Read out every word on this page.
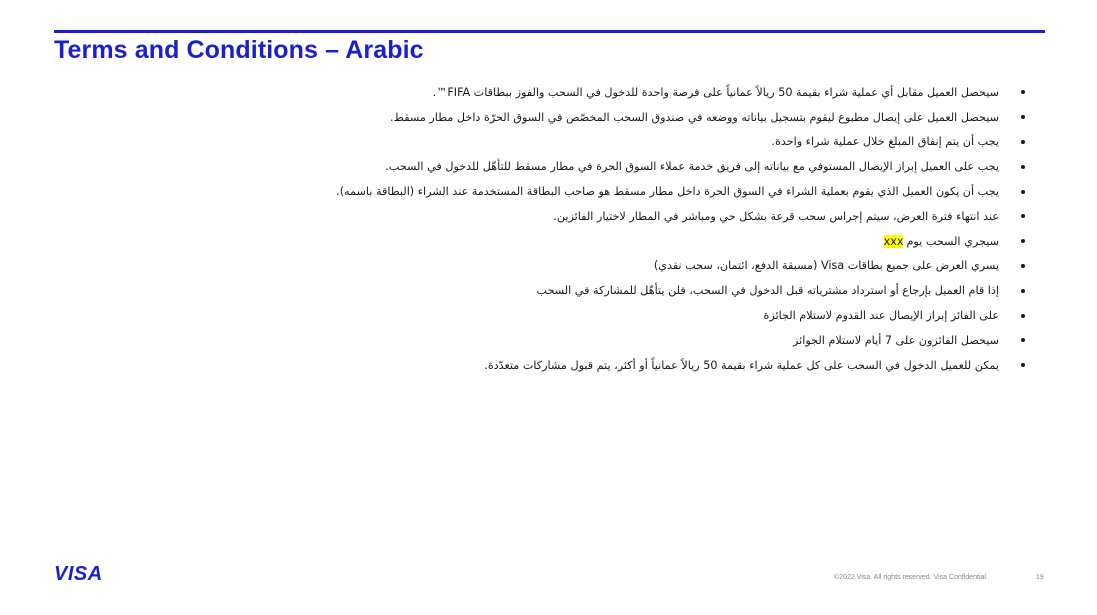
Terms and Conditions – Arabic
سيحصل العميل مقابل أي عملية شراء بقيمة 50 ريالاً عمانياً على فرصة واحدة للدخول في السحب والفوز ببطاقات FIFA™.
سيحصل العميل على إيصال مطبوع ليقوم بتسجيل بياناته ووضعه في صندوق السحب المخصّص في السوق الحرّة داخل مطار مسقط.
يجب أن يتم إنفاق المبلغ خلال عملية شراء واحدة.
يجب على العميل إبراز الإيصال المستوفي مع بياناته إلى فريق خدمة عملاء السوق الحرة في مطار مسقط للتأهّل للدخول في السحب.
يجب أن يكون العميل الذي يقوم بعملية الشراء في السوق الحرة داخل مطار مسقط هو صاحب البطاقة المستخدمة عند الشراء (البطاقة باسمه).
عند انتهاء فترة العرض، سيتم إجراس سحب قرعة بشكل حي ومباشر في المطار لاختيار الفائزين.
سيجري السحب يوم
xxx
يسري العرض على جميع بطاقات Visa (مسبقة الدفع، ائتمان، سحب نقدي)
إذا قام العميل بإرجاع أو استرداد مشترياته قبل الدخول في السحب، فلن يتأهّل للمشاركة في السحب
على الفائز إبراز الإيصال عند القدوم لاستلام الجائزة
سيحصل الفائزون على 7 أيام لاستلام الجوائز
يمكن للعميل الدخول في السحب على كل عملية شراء بقيمة 50 ريالاً عمانياً أو أكثر، يتم قبول مشاركات متعدّدة.
VISA	©2022 Visa. All rights reserved. Visa Confidential	19
